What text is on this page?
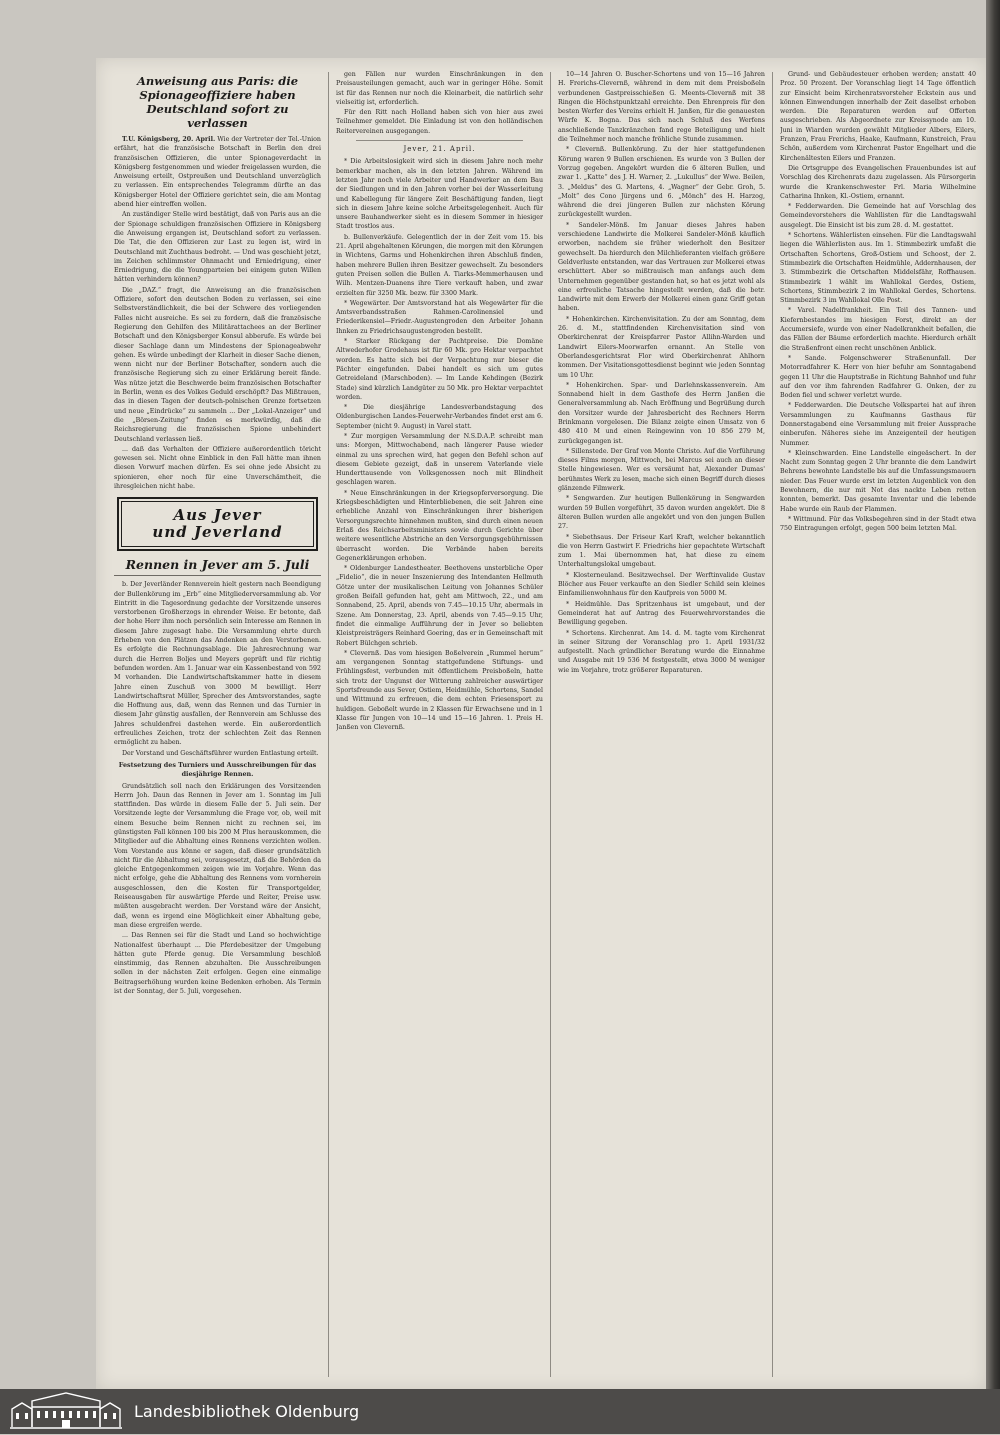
Anweisung aus Paris: die Spionageoffiziere haben Deutschland sofort zu verlassen

T.U. Königsberg, 20. April. Wie der Vertreter der Tel.-Union erfährt, hat die französische Botschaft in Berlin den drei französischen Offizieren, die unter Spionageverdacht in Königsberg festgenommen und wieder freigelassen wurden, die Anweisung erteilt, Ostpreußen und Deutschland unverzüglich zu verlassen. Ein entsprechendes Telegramm dürfte an das Königsberger Hotel der Offiziere gerichtet sein, die am Montag abend hier eintreffen wollen.

An zuständiger Stelle wird bestätigt, daß von Paris aus an die der Spionage schuldigen französischen Offiziere in Königsberg die Anweisung ergangen ist, Deutschland sofort zu verlassen. Die Tat, die den Offizieren zur Last zu legen ist, wird in Deutschland mit Zuchthaus bedroht. — Und was geschieht jetzt, im Zeichen schlimmster Ohnmacht und Erniedrigung, einer Erniedrigung, die die Youngparteien bei einigem guten Willen hätten verhindern können?

Die „DAZ.“ fragt, die Anweisung an die französischen Offiziere, sofort den deutschen Boden zu verlassen, sei eine Selbstverständlichkeit, die bei der Schwere des vorliegenden Falles nicht ausreiche. Es sei zu fordern, daß die französische Regierung den Gehilfen des Militärattachees an der Berliner Botschaft und den Königsberger Konsul abberufe. Es würde bei dieser Sachlage dann um Mindestens der Spionageabwehr gehen. Es würde unbedingt der Klarheit in dieser Sache dienen, wenn nicht nur der Berliner Botschafter, sondern auch die französische Regierung sich zu einer Erklärung bereit fände. Was nütze jetzt die Beschwerde beim französischen Botschafter in Berlin, wenn es des Volkes Geduld erschöpft? Das Mißtrauen, das in diesen Tagen der deutsch-polnischen Grenze fortsetzen und neue „Eindrücke“ zu sammeln ... Der „Lokal-Anzeiger“ und die „Börsen-Zeitung“ finden es merkwürdig, daß die Reichsregierung die französischen Spione unbehindert Deutschland verlassen ließ.

... daß das Verhalten der Offiziere außerordentlich töricht gewesen sei. Nicht ohne Einblick in den Fall hätte man ihnen diesen Vorwurf machen dürfen. Es sei ohne jede Absicht zu spionieren, eher noch für eine Unverschämtheit, die ihresgleichen nicht habe.

Aus Jever
und Jeverland
Rennen in Jever am 5. Juli

b. Der Jeverländer Rennverein hielt gestern nach Beendigung der Bullenkörung im „Erb“ eine Mitgliederversammlung ab. Vor Eintritt in die Tagesordnung gedachte der Vorsitzende unseres verstorbenen Großherzogs in ehrender Weise. Er betonte, daß der hohe Herr ihm noch persönlich sein Interesse am Rennen in diesem Jahre zugesagt habe. Die Versammlung ehrte durch Erheben von den Plätzen das Andenken an den Verstorbenen. Es erfolgte die Rechnungsablage. Die Jahresrechnung war durch die Herren Boljes und Meyers geprüft und für richtig befunden worden. Am 1. Januar war ein Kassenbestand von 592 M vorhanden. Die Landwirtschaftskammer hatte in diesem Jahre einen Zuschuß von 3000 M bewilligt. Herr Landwirtschaftsrat Müller, Sprecher des Amtsvorstandes, sagte die Hoffnung aus, daß, wenn das Rennen und das Turnier in diesem Jahr günstig ausfallen, der Rennverein am Schlusse des Jahres schuldenfrei dastehen werde. Ein außerordentlich erfreuliches Zeichen, trotz der schlechten Zeit das Rennen ermöglicht zu haben.

Der Vorstand und Geschäftsführer wurden Entlastung erteilt.

Festsetzung des Turniers und Ausschreibungen für das diesjährige Rennen.

Grundsätzlich soll nach den Erklärungen des Vorsitzenden Herrn Joh. Daun das Rennen in Jever am 1. Sonntag im Juli stattfinden. Das würde in diesem Falle der 5. Juli sein. Der Vorsitzende legte der Versammlung die Frage vor, ob, weil mit einem Besuche beim Rennen nicht zu rechnen sei, im günstigsten Fall können 100 bis 200 M Plus herauskommen, die Mitglieder auf die Abhaltung eines Rennens verzichten wollen. Vom Vorstande aus könne er sagen, daß dieser grundsätzlich nicht für die Abhaltung sei, vorausgesetzt, daß die Behörden da gleiche Entgegenkommen zeigen wie im Vorjahre. Wenn das nicht erfolge, gehe die Abhaltung des Rennens vom vornherein ausgeschlossen, den die Kosten für Transportgelder, Reiseausgaben für auswärtige Pferde und Reiter, Preise usw. müßten ausgebracht werden. Der Vorstand wäre der Ansicht, daß, wenn es irgend eine Möglichkeit einer Abhaltung gebe, man diese ergreifen werde.

... Das Rennen sei für die Stadt und Land so hochwichtige Nationalfest überhaupt ... Die Pferdebesitzer der Umgebung hätten gute Pferde genug. Die Versammlung beschloß einstimmig, das Rennen abzuhalten. Die Ausschreibungen sollen in der nächsten Zeit erfolgen. Gegen eine einmalige Beitragserhöhung wurden keine Bedenken erhoben. Als Termin ist der Sonntag, der 5. Juli, vorgesehen.

gen Fällen nur wurden Einschränkungen in den Preisausteilungen gemacht, auch war in geringer Höhe. Somit ist für das Rennen nur noch die Kleinarbeit, die natürlich sehr vielseitig ist, erforderlich.

Für den Ritt nach Holland haben sich von hier aus zwei Teilnehmer gemeldet. Die Einladung ist von den holländischen Reitervereinen ausgegangen.

Jever, 21. April.

* Die Arbeitslosigkeit wird sich in diesem Jahre noch mehr bemerkbar machen, als in den letzten Jahren. Während im letzten Jahr noch viele Arbeiter und Handwerker an dem Bau der Siedlungen und in den Jahren vorher bei der Wasserleitung und Kabellegung für längere Zeit Beschäftigung fanden, liegt sich in diesem Jahre keine solche Arbeitsgelegenheit. Auch für unsere Bauhandwerker sieht es in diesem Sommer in hiesiger Stadt trostlos aus.

b. Bullenverkäufe. Gelegentlich der in der Zeit vom 15. bis 21. April abgehaltenen Körungen, die morgen mit den Körungen in Wichtens, Garms und Hohenkirchen ihren Abschluß finden, haben mehrere Bullen ihren Besitzer gewechselt. Zu besonders guten Preisen sollen die Bullen A. Tiarks-Memmerhausen und Wilh. Mentzen-Duanens ihre Tiere verkauft haben, und zwar erzielten für 3250 Mk. bezw. für 3300 Mark.

* Wegewärter. Der Amtsvorstand hat als Wegewärter für die Amtsverbandsstraßen Rahmen-Carolinensiel und Friederikensiel—Friedr.-Augustengroden den Arbeiter Johann Ihnken zu Friedrichsaugustengroden bestellt.

* Starker Rückgang der Pachtpreise. Die Domäne Altwederhofer Grodehaus ist für 60 Mk. pro Hektar verpachtet worden. Es hatte sich bei der Verpachtung nur bieser die Pächter eingefunden. Dabei handelt es sich um gutes Getreideland (Marschboden). — Im Lande Kehdingen (Bezirk Stade) sind kürzlich Landgüter zu 50 Mk. pro Hektar verpachtet worden.

* Die diesjährige Landesverbandstagung des Oldenburgischen Landes-Feuerwehr-Verbandes findet erst am 6. September (nicht 9. August) in Varel statt.

* Zur morgigen Versammlung der N.S.D.A.P. schreibt man uns: Morgen, Mittwochabend, nach längerer Pause wieder einmal zu uns sprechen wird, hat gegen den Befehl schon auf diesem Gebiete gezeigt, daß in unserem Vaterlande viele Hunderttausende von Volksgenossen noch mit Blindheit geschlagen waren.

* Neue Einschränkungen in der Kriegsopferversorgung. Die Kriegsbeschädigten und Hinterbliebenen, die seit Jahren eine erhebliche Anzahl von Einschränkungen ihrer bisherigen Versorgungsrechte hinnehmen mußten, sind durch einen neuen Erlaß des Reichsarbeitsministers sowie durch Gerichte über weitere wesentliche Abstriche an den Versorgungsgebührnissen überrascht worden. Die Verbände haben bereits Gegenerklärungen erhoben.

* Oldenburger Landestheater. Beethovens unsterbliche Oper „Fidelio“, die in neuer Inszenierung des Intendanten Hellmuth Götze unter der musikalischen Leitung von Johannes Schüler großen Beifall gefunden hat, geht am Mittwoch, 22., und am Sonnabend, 25. April, abends von 7.45—10.15 Uhr, abermals in Szene. Am Donnerstag, 23. April, abends von 7.45—9.15 Uhr, findet die einmalige Aufführung der in Jever so beliebten Kleistpreisträgers Reinhard Goering, das er in Gemeinschaft mit Robert Bülchgen schrieb.

* Clevernß. Das vom hiesigen Boßelverein „Rummel herum“ am vergangenen Sonntag stattgefundene Stiftungs- und Frühlingsfest, verbunden mit öffentlichem Preisboßeln, hatte sich trotz der Ungunst der Witterung zahlreicher auswärtiger Sportsfreunde aus Sever, Ostiem, Heidmühle, Schortens, Sandel und Wittmund zu erfreuen, die dem echten Friesensport zu huldigen. Geboßelt wurde in 2 Klassen für Erwachsene und in 1 Klasse für Jungen von 10—14 und 15—16 Jahren. 1. Preis H. Janßen von Clevernß.

10—14 Jahren O. Buscher-Schortens und von 15—16 Jahren H. Frerichs-Clevernß, während in dem mit dem Preisboßeln verbundenen Gastpreisschießen G. Meents-Clevernß mit 38 Ringen die Höchstpunktzahl erreichte. Den Ehrenpreis für den besten Werfer des Vereins erhielt H. Janßen, für die genauesten Würfe K. Bogna. Das sich nach Schluß des Werfens anschließende Tanzkränzchen fand rege Beteiligung und hielt die Teilnehmer noch manche fröhliche Stunde zusammen.

* Clevernß. Bullenkörung. Zu der hier stattgefundenen Körung waren 9 Bullen erschienen. Es wurde von 3 Bullen der Vorzug gegeben. Angekört wurden die 6 älteren Bullen, und zwar 1. „Katte“ des J. H. Warner, 2. „Lukullus“ der Wwe. Beilen, 3. „Meldus“ des G. Martens, 4. „Wagner“ der Gebr. Groh, 5. „Molt“ des Cono Jürgens und 6. „Mönch“ des H. Harzog, während die drei jüngeren Bullen zur nächsten Körung zurückgestellt wurden.

* Sandeler-Mönß. Im Januar dieses Jahres haben verschiedene Landwirte die Molkerei Sandeler-Mönß käuflich erworben, nachdem sie früher wiederholt den Besitzer gewechselt. Da hierdurch den Milchlieferanten vielfach größere Geldverluste entstanden, war das Vertrauen zur Molkerei etwas erschüttert. Aber so mißtrauisch man anfangs auch dem Unternehmen gegenüber gestanden hat, so hat es jetzt wohl als eine erfreuliche Tatsache hingestellt werden, daß die betr. Landwirte mit dem Erwerb der Molkerei einen ganz Griff getan haben.

* Hohenkirchen. Kirchenvisitation. Zu der am Sonntag, dem 26. d. M., stattfindenden Kirchenvisitation sind von Oberkirchenrat der Kreispfarrer Pastor Allihn-Warden und Landwirt Eilers-Moorwarfen ernannt. An Stelle von Oberlandesgerichtsrat Flor wird Oberkirchenrat Ahlhorn kommen. Der Visitationsgottesdienst beginnt wie jeden Sonntag um 10 Uhr.

* Hohenkirchen. Spar- und Darlehnskassenverein. Am Sonnabend hielt in dem Gasthofe des Herrn Janßen die Generalversammlung ab. Nach Eröffnung und Begrüßung durch den Vorsitzer wurde der Jahresbericht des Rechners Herrn Brinkmann vorgelesen. Die Bilanz zeigte einen Umsatz von 6 480 410 M und einen Reingewinn von 10 856 279 M, zurückgegangen ist.

* Sillenstede. Der Graf von Monte Christo. Auf die Vorführung dieses Films morgen, Mittwoch, bei Marcus sei auch an dieser Stelle hingewiesen. Wer es versäumt hat, Alexander Dumas' berühmtes Werk zu lesen, mache sich einen Begriff durch dieses glänzende Filmwerk.

* Sengwarden. Zur heutigen Bullenkörung in Sengwarden wurden 59 Bullen vorgeführt, 35 davon wurden angekört. Die 8 älteren Bullen wurden alle angekört und von den jungen Bullen 27.

* Siebethsaus. Der Friseur Karl Kraft, welcher bekanntlich die von Herrn Gastwirt F. Friedrichs hier gepachtete Wirtschaft zum 1. Mai übernommen hat, hat diese zu einem Unterhaltungslokal umgebaut.

* Klosterneuland. Besitzwechsel. Der Werftinvalide Gustav Blöcher aus Feuer verkaufte an den Siedler Schild sein kleines Einfamilienwohnhaus für den Kaufpreis von 5000 M.

* Heidmühle. Das Spritzenhaus ist umgebaut, und der Gemeinderat hat auf Antrag des Feuerwehrvorstandes die Bewilligung gegeben.

* Schortens. Kirchenrat. Am 14. d. M. tagte vom Kirchenrat in seiner Sitzung der Voranschlag pro 1. April 1931/32 aufgestellt. Nach gründlicher Beratung wurde die Einnahme und Ausgabe mit 19 536 M festgestellt, etwa 3000 M weniger wie im Vorjahre, trotz größerer Reparaturen.

Grund- und Gebäudesteuer erhoben werden; anstatt 40 Proz. 50 Prozent. Der Voranschlag liegt 14 Tage öffentlich zur Einsicht beim Kirchenratsvorsteher Eckstein aus und können Einwendungen innerhalb der Zeit daselbst erhoben werden. Die Reparaturen werden auf Offerten ausgeschrieben. Als Abgeordnete zur Kreissynode am 10. Juni in Wiarden wurden gewählt Mitglieder Albers, Eilers, Franzen, Frau Frerichs, Haake, Kaufmann, Kunstreich, Frau Schön, außerdem vom Kirchenrat Pastor Engelhart und die Kirchenältesten Eilers und Franzen.

Die Ortsgruppe des Evangelischen Frauenbundes ist auf Vorschlag des Kirchenrats dazu zugelassen. Als Fürsorgerin wurde die Krankenschwester Frl. Maria Wilhelmine Catharina Ihnken, Kl.-Ostiem, ernannt.

* Fedderwarden. Die Gemeinde hat auf Vorschlag des Gemeindevorstehers die Wahllisten für die Landtagswahl ausgelegt. Die Einsicht ist bis zum 28. d. M. gestattet.

* Schortens. Wählerlisten einsehen. Für die Landtagswahl liegen die Wählerlisten aus. Im 1. Stimmbezirk umfaßt die Ortschaften Schortens, Groß-Ostiem und Schoost, der 2. Stimmbezirk die Ortschaften Heidmühle, Addernhausen, der 3. Stimmbezirk die Ortschaften Middelsfähr, Roffhausen. Stimmbezirk 1 wählt im Wahllokal Gerdes, Ostiem, Schortens, Stimmbezirk 2 im Wahllokal Gerdes, Schortens. Stimmbezirk 3 im Wahllokal Olle Post.

* Varel. Nadelfrankheit. Ein Teil des Tannen- und Kiefernbestandes im hiesigen Forst, direkt an der Accumersiefe, wurde von einer Nadelkrankheit befallen, die das Fällen der Bäume erforderlich machte. Hierdurch erhält die Straßenfront einen recht unschönen Anblick.

* Sande. Folgenschwerer Straßenunfall. Der Motorradfahrer K. Herr von hier befuhr am Sonntagabend gegen 11 Uhr die Hauptstraße in Richtung Bahnhof und fuhr auf den vor ihm fahrenden Radfahrer G. Onken, der zu Boden fiel und schwer verletzt wurde.

* Fedderwarden. Die Deutsche Volkspartei hat auf ihren Versammlungen zu Kaufmanns Gasthaus für Donnerstagabend eine Versammlung mit freier Aussprache einberufen. Näheres siehe im Anzeigenteil der heutigen Nummer.

* Kleinschwarden. Eine Landstelle eingeäschert. In der Nacht zum Sonntag gegen 2 Uhr brannte die dem Landwirt Behrens bewohnte Landstelle bis auf die Umfassungsmauern nieder. Das Feuer wurde erst im letzten Augenblick von den Bewohnern, die nur mit Not das nackte Leben retten konnten, bemerkt. Das gesamte Inventar und die lebende Habe wurde ein Raub der Flammen.

* Wittmund. Für das Volksbegehren sind in der Stadt etwa 750 Eintragungen erfolgt, gegen 500 beim letzten Mal.

Landesbibliothek Oldenburg
